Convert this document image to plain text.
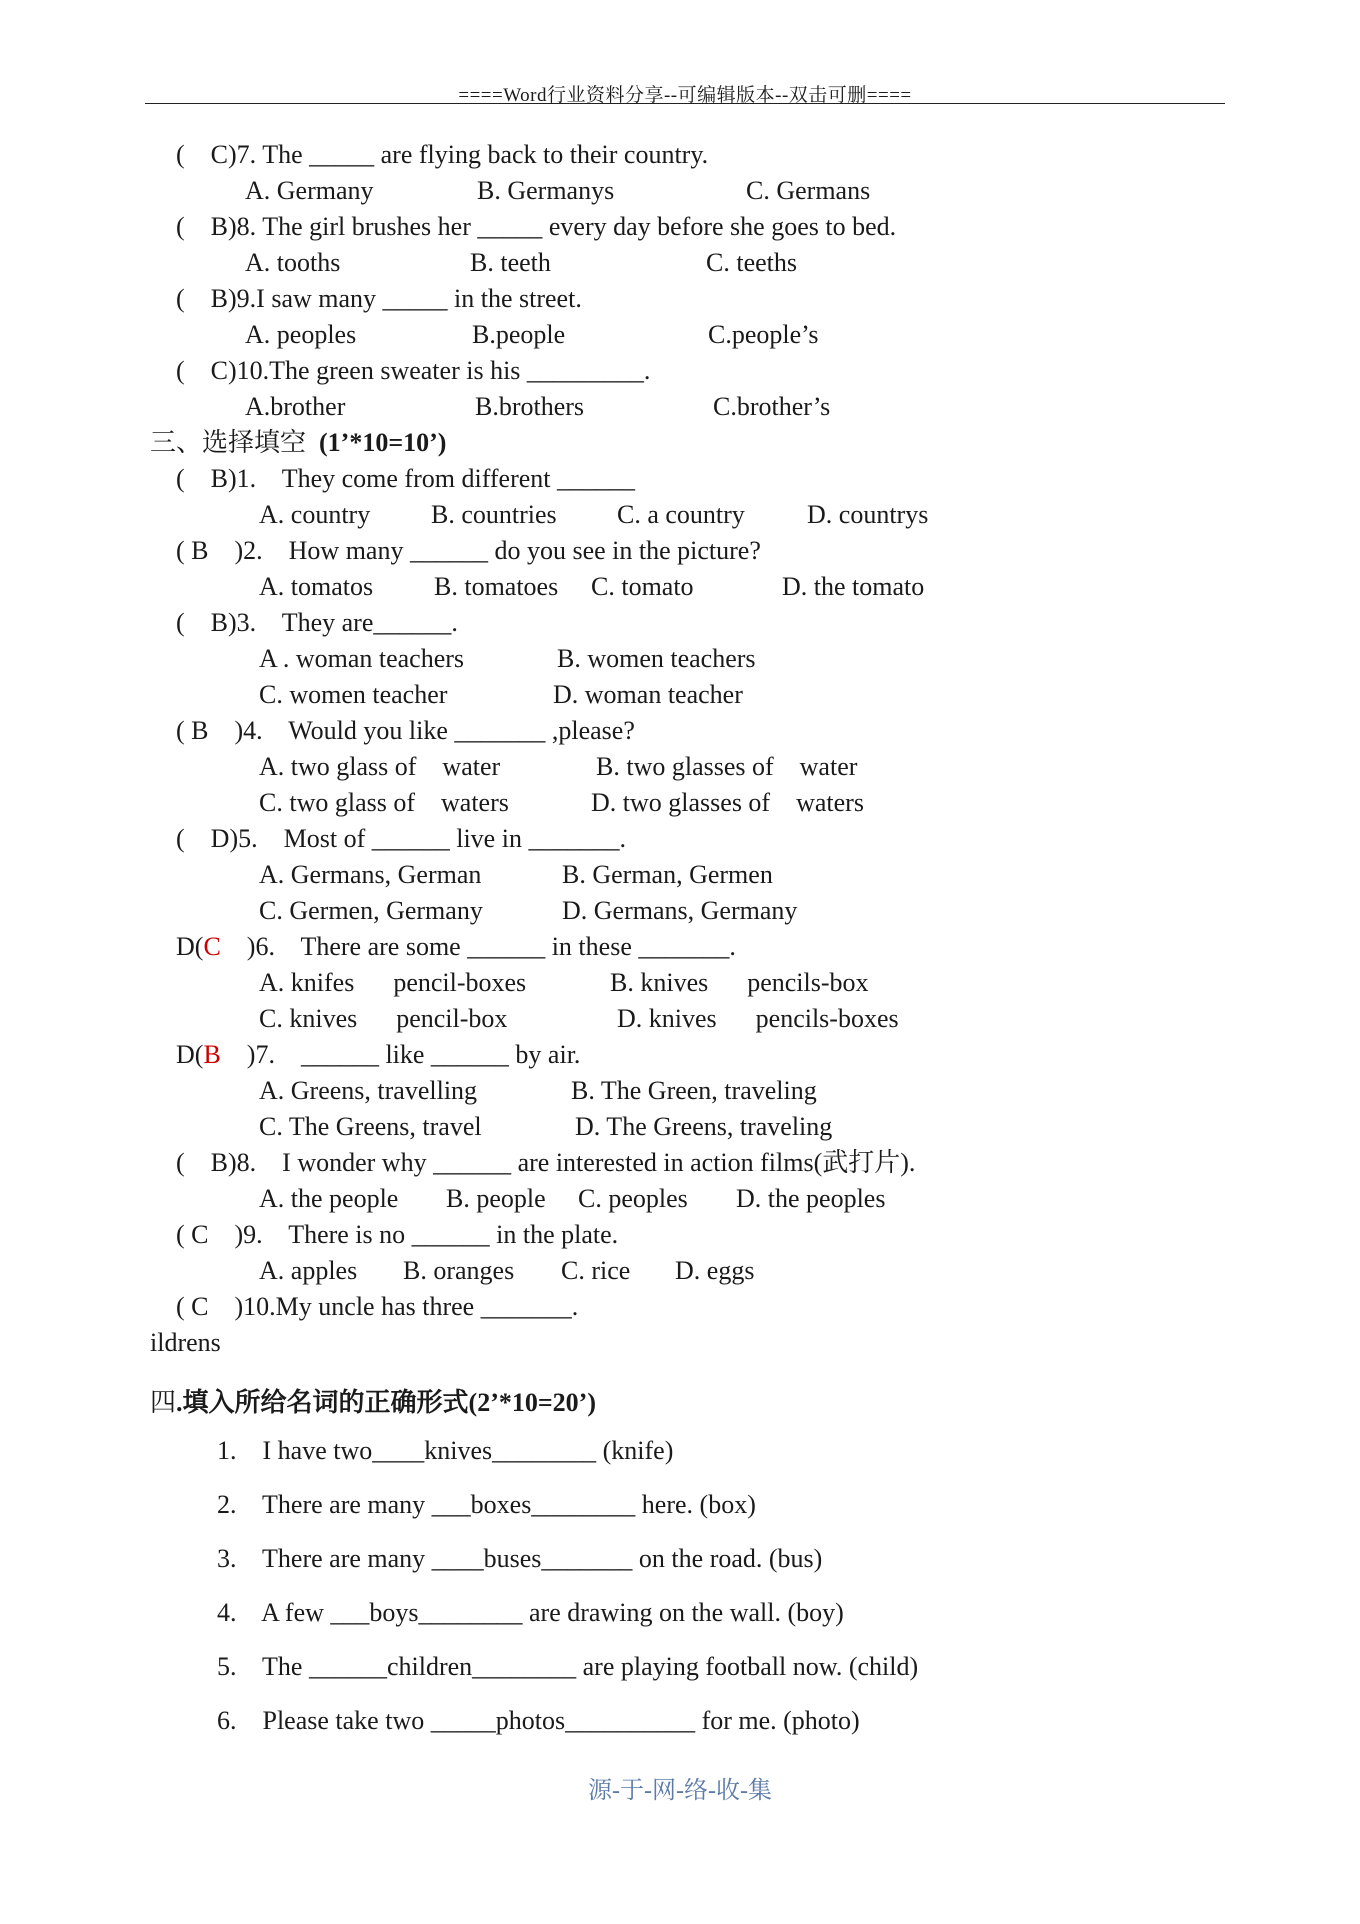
====Word行业资料分享--可编辑版本--双击可删====
( C)7. The _____ are flying back to their country.
A. Germany	B. Germanys	C. Germans
( B)8. The girl brushes her _____ every day before she goes to bed.
A. tooths	B. teeth	C. teeths
( B)9.I saw many _____ in the street.
A. peoples	B.people	C.people’s
( C)10.The green sweater is his _________.
A.brother	B.brothers	C.brother’s
三、选择填空 (1’*10=10’)
( B)1.    They come from different ______
A. country B. countries C. a country D. countrys
( B )2.    How many ______ do you see in the picture?
A. tomatos B. tomatoes C. tomato	D. the tomato
( B)3.    They are______.
A . woman teachers	B. women teachers
C. women teacher	D. woman teacher
( B )4.    Would you like _______ ,please?
A. two glass of    water	B. two glasses of    water
C. two glass of    waters	D. two glasses of    waters
( D)5.    Most of ______ live in _______.
A. Germans, German	B. German, Germen
C. Germen, Germany	D. Germans, Germany
D(C )6.    There are some ______ in these _______.
A. knifes      pencil-boxes	B. knives      pencils-box
C. knives      pencil-box	D. knives      pencils-boxes
D(B )7.    ______ like ______ by air.
A. Greens, travelling	B. The Green, traveling
C. The Greens, travel	D. The Greens, traveling
( B)8.    I wonder why ______ are interested in action films(武打片).
A. the people B. people C. peoples D. the peoples
( C )9.    There is no ______ in the plate.
A. apples B. oranges C. rice D. eggs
( C )10.My uncle has three _______.
ildrens
四.填入所给名词的正确形式(2’*10=20’)
1. I have two____knives________ (knife)
2. There are many ___boxes________ here. (box)
3. There are many ____buses_______ on the road. (bus)
4. A few ___boys________ are drawing on the wall. (boy)
5. The ______children________ are playing football now. (child)
6. Please take two _____photos__________ for me. (photo)
源-于-网-络-收-集
